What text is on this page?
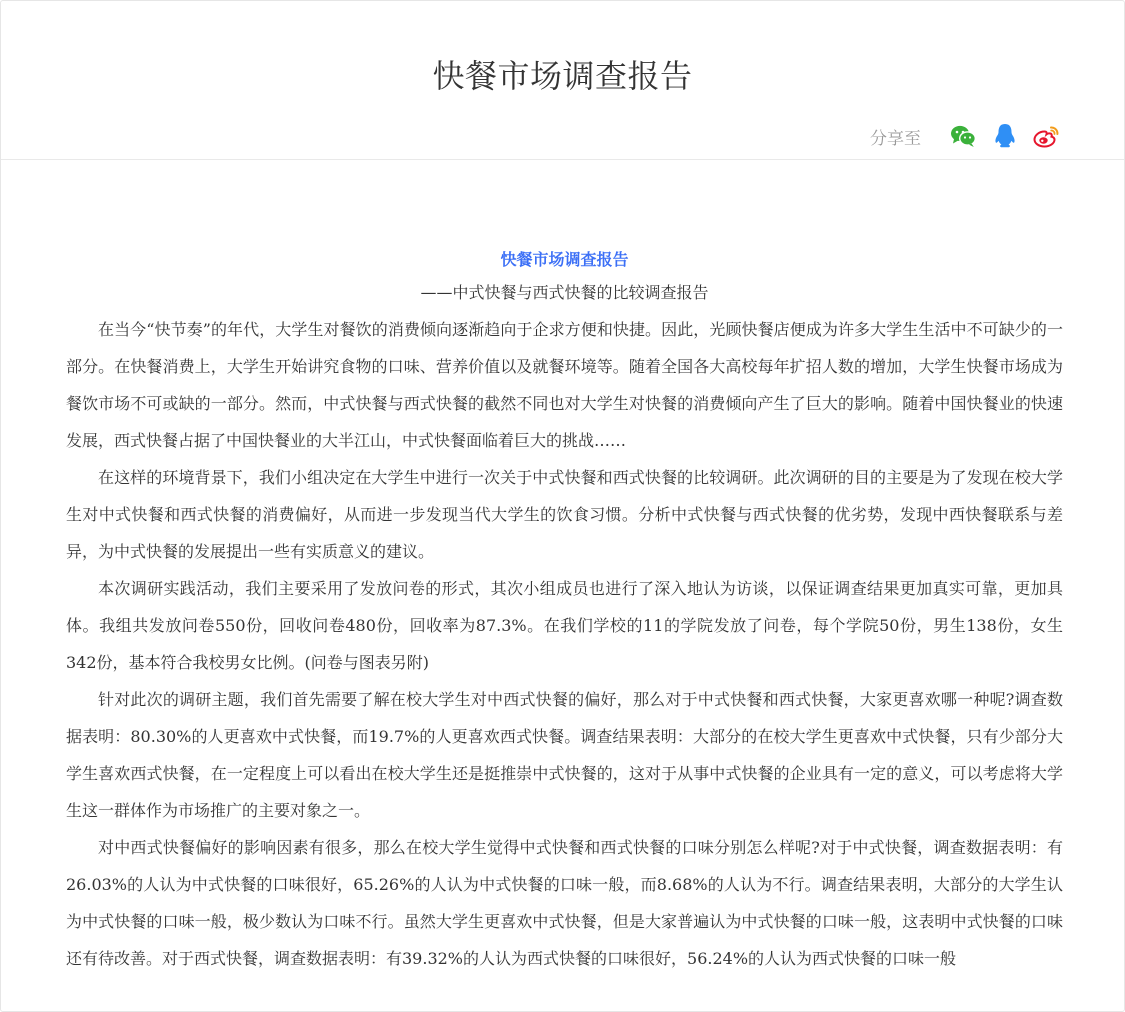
快餐市场调查报告
分享至

快餐市场调查报告

——中式快餐与西式快餐的比较调查报告

在当今“快节奏”的年代，大学生对餐饮的消费倾向逐渐趋向于企求方便和快捷。因此，光顾快餐店便成为许多大学生生活中不可缺少的一部分。在快餐消费上，大学生开始讲究食物的口味、营养价值以及就餐环境等。随着全国各大高校每年扩招人数的增加，大学生快餐市场成为餐饮市场不可或缺的一部分。然而，中式快餐与西式快餐的截然不同也对大学生对快餐的消费倾向产生了巨大的影响。随着中国快餐业的快速发展，西式快餐占据了中国快餐业的大半江山，中式快餐面临着巨大的挑战……

在这样的环境背景下，我们小组决定在大学生中进行一次关于中式快餐和西式快餐的比较调研。此次调研的目的主要是为了发现在校大学生对中式快餐和西式快餐的消费偏好，从而进一步发现当代大学生的饮食习惯。分析中式快餐与西式快餐的优劣势，发现中西快餐联系与差异，为中式快餐的发展提出一些有实质意义的建议。

本次调研实践活动，我们主要采用了发放问卷的形式，其次小组成员也进行了深入地认为访谈，以保证调查结果更加真实可靠，更加具体。我组共发放问卷550份，回收问卷480份，回收率为87.3%。在我们学校的11的学院发放了问卷，每个学院50份，男生138份，女生342份，基本符合我校男女比例。(问卷与图表另附)

针对此次的调研主题，我们首先需要了解在校大学生对中西式快餐的偏好，那么对于中式快餐和西式快餐，大家更喜欢哪一种呢?调查数据表明：80.30%的人更喜欢中式快餐，而19.7%的人更喜欢西式快餐。调查结果表明：大部分的在校大学生更喜欢中式快餐，只有少部分大学生喜欢西式快餐，在一定程度上可以看出在校大学生还是挺推崇中式快餐的，这对于从事中式快餐的企业具有一定的意义，可以考虑将大学生这一群体作为市场推广的主要对象之一。

对中西式快餐偏好的影响因素有很多，那么在校大学生觉得中式快餐和西式快餐的口味分别怎么样呢?对于中式快餐，调查数据表明：有26.03%的人认为中式快餐的口味很好，65.26%的人认为中式快餐的口味一般，而8.68%的人认为不行。调查结果表明，大部分的大学生认为中式快餐的口味一般，极少数认为口味不行。虽然大学生更喜欢中式快餐，但是大家普遍认为中式快餐的口味一般，这表明中式快餐的口味还有待改善。对于西式快餐，调查数据表明：有39.32%的人认为西式快餐的口味很好，56.24%的人认为西式快餐的口味一般
